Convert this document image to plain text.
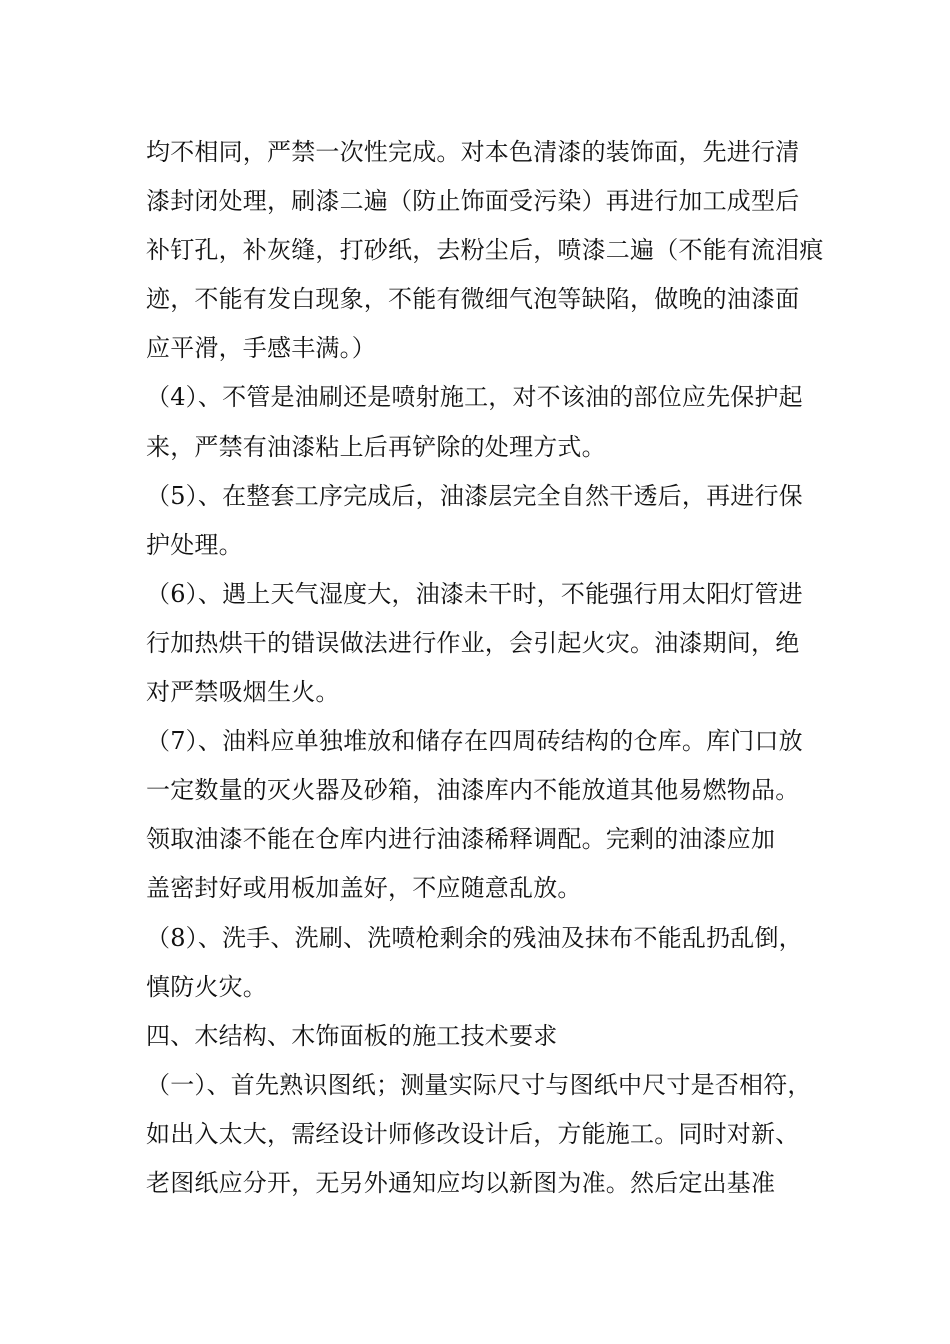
均不相同，严禁一次性完成。对本色清漆的装饰面，先进行清
漆封闭处理，刷漆二遍（防止饰面受污染）再进行加工成型后
补钉孔，补灰缝，打砂纸，去粉尘后，喷漆二遍（不能有流泪痕
迹，不能有发白现象，不能有微细气泡等缺陷，做晚的油漆面
应平滑，手感丰满。）
（4）、不管是油刷还是喷射施工，对不该油的部位应先保护起
来，严禁有油漆粘上后再铲除的处理方式。
（5）、在整套工序完成后，油漆层完全自然干透后，再进行保
护处理。
（6）、遇上天气湿度大，油漆未干时，不能强行用太阳灯管进
行加热烘干的错误做法进行作业，会引起火灾。油漆期间，绝
对严禁吸烟生火。
（7）、油料应单独堆放和储存在四周砖结构的仓库。库门口放
一定数量的灭火器及砂箱，油漆库内不能放道其他易燃物品。
领取油漆不能在仓库内进行油漆稀释调配。完剩的油漆应加
盖密封好或用板加盖好，不应随意乱放。
（8）、洗手、洗刷、洗喷枪剩余的残油及抹布不能乱扔乱倒，
慎防火灾。
四、木结构、木饰面板的施工技术要求
（一）、首先熟识图纸；测量实际尺寸与图纸中尺寸是否相符，
如出入太大，需经设计师修改设计后，方能施工。同时对新、
老图纸应分开，无另外通知应均以新图为准。然后定出基准
